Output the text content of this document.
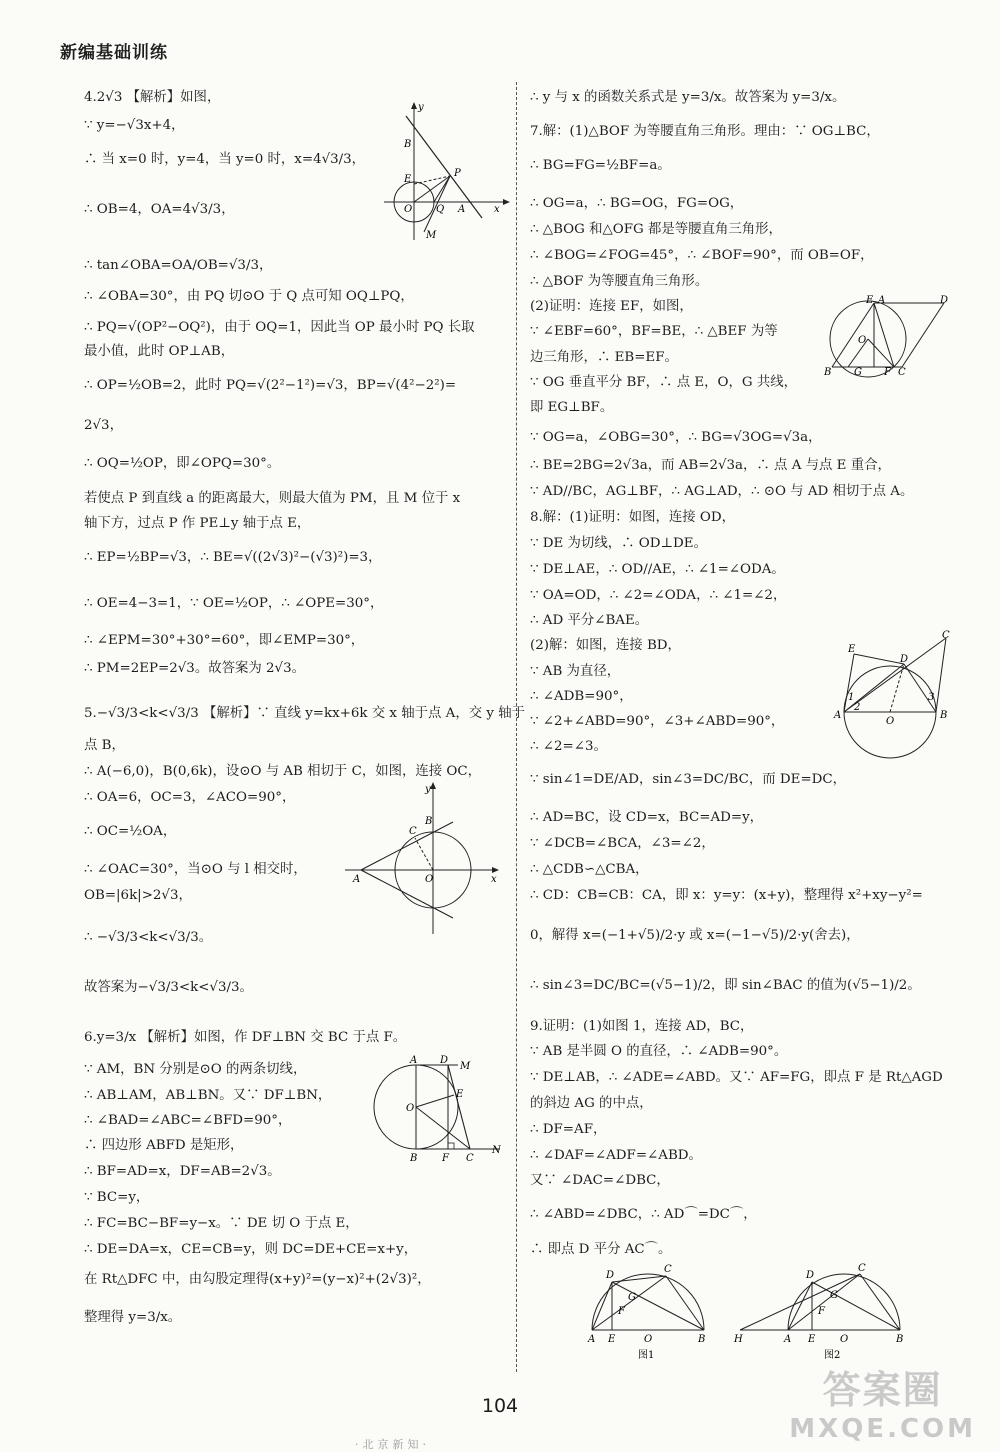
新编基础训练
4.2√3 【解析】如图，
∵ y=−√3x+4，
∴ 当 x=0 时，y=4，当 y=0 时，x=4√3/3，
∴ OB=4，OA=4√3/3，
∴ tan∠OBA=OA/OB=√3/3，
∴ ∠OBA=30°，由 PQ 切⊙O 于 Q 点可知 OQ⊥PQ，
∴ PQ=√(OP²−OQ²)，由于 OQ=1，因此当 OP 最小时 PQ 长取
最小值，此时 OP⊥AB，
∴ OP=½OB=2，此时 PQ=√(2²−1²)=√3，BP=√(4²−2²)=
2√3，
∴ OQ=½OP，即∠OPQ=30°。
若使点 P 到直线 a 的距离最大，则最大值为 PM，且 M 位于 x
轴下方，过点 P 作 PE⊥y 轴于点 E，
∴ EP=½BP=√3，∴ BE=√((2√3)²−(√3)²)=3，
∴ OE=4−3=1，∵ OE=½OP，∴ ∠OPE=30°，
∴ ∠EPM=30°+30°=60°，即∠EMP=30°，
∴ PM=2EP=2√3。故答案为 2√3。
5.−√3/3<k<√3/3 【解析】∵ 直线 y=kx+6k 交 x 轴于点 A，交 y 轴于
点 B，
∴ A(−6,0)，B(0,6k)，设⊙O 与 AB 相切于 C，如图，连接 OC，
∴ OA=6，OC=3，∠ACO=90°，
∴ OC=½OA，
∴ ∠OAC=30°，当⊙O 与 l 相交时，
OB=|6k|>2√3，
∴ −√3/3<k<√3/3。
故答案为−√3/3<k<√3/3。
6.y=3/x 【解析】如图，作 DF⊥BN 交 BC 于点 F。
∵ AM，BN 分别是⊙O 的两条切线，
∴ AB⊥AM，AB⊥BN。又∵ DF⊥BN，
∴ ∠BAD=∠ABC=∠BFD=90°，
∴ 四边形 ABFD 是矩形，
∴ BF=AD=x，DF=AB=2√3。
∵ BC=y，
∴ FC=BC−BF=y−x。∵ DE 切 O 于点 E，
∴ DE=DA=x，CE=CB=y，则 DC=DE+CE=x+y，
在 Rt△DFC 中，由勾股定理得(x+y)²=(y−x)²+(2√3)²，
整理得 y=3/x。
∴ y 与 x 的函数关系式是 y=3/x。故答案为 y=3/x。
7.解：(1)△BOF 为等腰直角三角形。理由：∵ OG⊥BC，
∴ BG=FG=½BF=a。
∴ OG=a，∴ BG=OG，FG=OG，
∴ △BOG 和△OFG 都是等腰直角三角形，
∴ ∠BOG=∠FOG=45°，∴ ∠BOF=90°，而 OB=OF，
∴ △BOF 为等腰直角三角形。
(2)证明：连接 EF，如图，
∵ ∠EBF=60°，BF=BE，∴ △BEF 为等
边三角形，∴ EB=EF。
∵ OG 垂直平分 BF，∴ 点 E，O，G 共线，
即 EG⊥BF。
∵ OG=a，∠OBG=30°，∴ BG=√3OG=√3a，
∴ BE=2BG=2√3a，而 AB=2√3a，∴ 点 A 与点 E 重合，
∵ AD//BC，AG⊥BF，∴ AG⊥AD，∴ ⊙O 与 AD 相切于点 A。
8.解：(1)证明：如图，连接 OD，
∵ DE 为切线，∴ OD⊥DE。
∵ DE⊥AE，∴ OD//AE，∴ ∠1=∠ODA。
∵ OA=OD，∴ ∠2=∠ODA，∴ ∠1=∠2，
∴ AD 平分∠BAE。
(2)解：如图，连接 BD，
∵ AB 为直径，
∴ ∠ADB=90°，
∵ ∠2+∠ABD=90°，∠3+∠ABD=90°，
∴ ∠2=∠3。
∵ sin∠1=DE/AD，sin∠3=DC/BC，而 DE=DC，
∴ AD=BC，设 CD=x，BC=AD=y，
∵ ∠DCB=∠BCA，∠3=∠2，
∴ △CDB∽△CBA，
∴ CD：CB=CB：CA，即 x：y=y：(x+y)，整理得 x²+xy−y²=
0，解得 x=(−1+√5)/2·y 或 x=(−1−√5)/2·y(舍去)，
∴ sin∠3=DC/BC=(√5−1)/2，即 sin∠BAC 的值为(√5−1)/2。
9.证明：(1)如图 1，连接 AD，BC，
∵ AB 是半圆 O 的直径，∴ ∠ADB=90°。
∵ DE⊥AB，∴ ∠ADE=∠ABD。又∵ AF=FG，即点 F 是 Rt△AGD
的斜边 AG 的中点，
∴ DF=AF，
∴ ∠DAF=∠ADF=∠ABD。
又∵ ∠DAC=∠DBC，
∴ ∠ABD=∠DBC，∴ AD⌒=DC⌒，
∴ 即点 D 平分 AC⌒。
y
B
E
P
O Q A	x
M
y
B
C
A	O	x
A D
M
O
E
B F C
N
E A	D
O
B G F C
E
C
D
1
2
3
A
O
B
D
C
F
G
A E	O	B
图1
D
C
F
G
H	A E O	B
图2
104	答案圈
MXQE.COM
·北京新知·
